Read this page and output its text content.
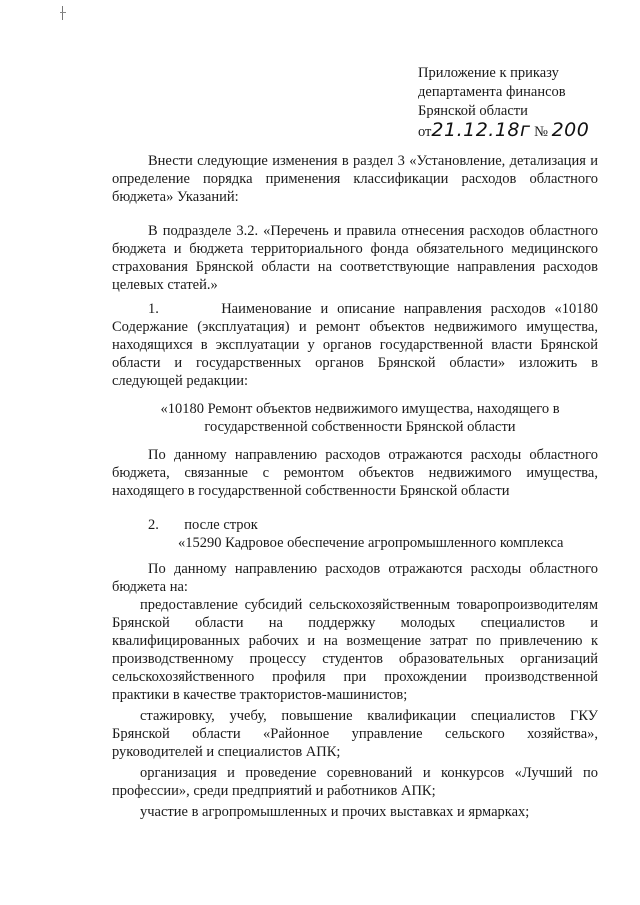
Приложение к приказу
департамента финансов
Брянской области
от21.12.18г № 200

Внести следующие изменения в раздел 3 «Установление, детализация и определение порядка применения классификации расходов областного бюджета» Указаний:

В подразделе 3.2. «Перечень и правила отнесения расходов областного бюджета и бюджета территориального фонда обязательного медицинского страхования Брянской области на соответствующие направления расходов целевых статей.»

1.	Наименование и описание направления расходов «10180 Содержание (эксплуатация) и ремонт объектов недвижимого имущества, находящихся в эксплуатации у органов государственной власти Брянской области и государственных органов Брянской области» изложить в следующей редакции:

«10180 Ремонт объектов недвижимого имущества, находящего в государственной собственности Брянской области

По данному направлению расходов отражаются расходы областного бюджета, связанные с ремонтом объектов недвижимого имущества, находящего в государственной собственности Брянской области

2. после строк
«15290 Кадровое обеспечение агропромышленного комплекса

По данному направлению расходов отражаются расходы областного бюджета на:

предоставление субсидий сельскохозяйственным товаропроизводителям Брянской области на поддержку молодых специалистов и квалифицированных рабочих и на возмещение затрат по привлечению к производственному процессу студентов образовательных организаций сельскохозяйственного профиля при прохождении производственной практики в качестве трактористов-машинистов;

стажировку, учебу, повышение квалификации специалистов ГКУ Брянской области «Районное управление сельского хозяйства», руководителей и специалистов АПК;

организация и проведение соревнований и конкурсов «Лучший по профессии», среди предприятий и работников АПК;

участие в агропромышленных и прочих выставках и ярмарках;
